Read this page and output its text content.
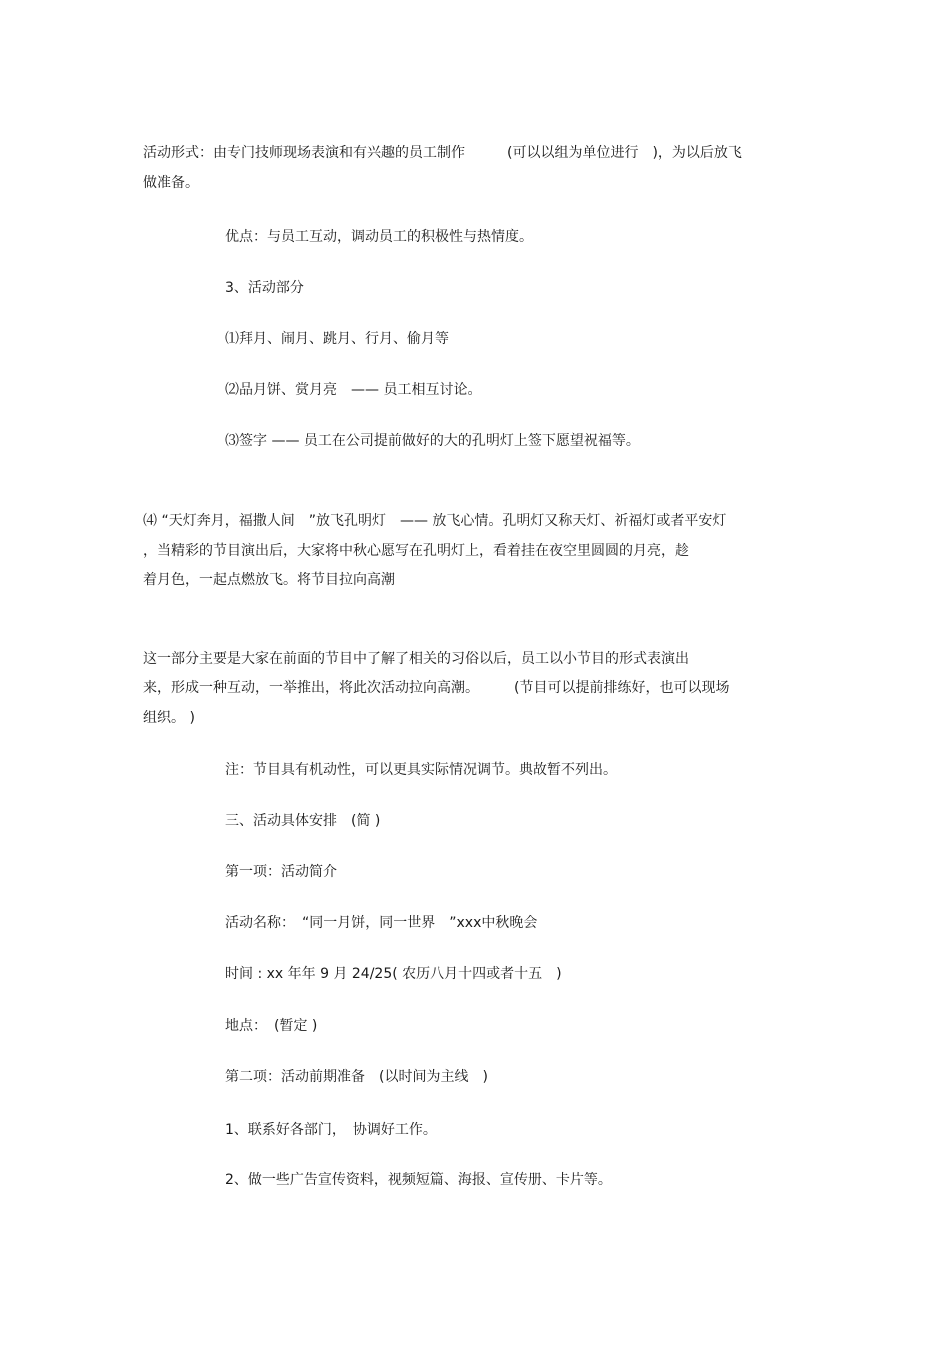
活动形式：由专门技师现场表演和有兴趣的员工制作　　　(可以以组为单位进行　)，为以后放飞

做准备。

优点：与员工互动，调动员工的积极性与热情度。

3、活动部分

⑴拜月、闹月、跳月、行月、偷月等

⑵品月饼、赏月亮　—— 员工相互讨论。

⑶签字 —— 员工在公司提前做好的大的孔明灯上签下愿望祝福等。

⑷ “天灯奔月，福撒人间　”放飞孔明灯　—— 放飞心情。孔明灯又称天灯、祈福灯或者平安灯

，当精彩的节目演出后，大家将中秋心愿写在孔明灯上，看着挂在夜空里圆圆的月亮，趁

着月色，一起点燃放飞。将节目拉向高潮

这一部分主要是大家在前面的节目中了解了相关的习俗以后，员工以小节目的形式表演出

来，形成一种互动，一举推出，将此次活动拉向高潮。　　　(节目可以提前排练好，也可以现场

组织。 )

注：节目具有机动性，可以更具实际情况调节。典故暂不列出。

三、活动具体安排　(简 )

第一项：活动简介

活动名称：　“同一月饼，同一世界　”xxx中秋晚会

时间 : xx 年年 9 月 24/25( 农历八月十四或者十五　)

地点：　(暂定 )

第二项：活动前期准备　(以时间为主线　)

1、联系好各部门，　协调好工作。

2、做一些广告宣传资料，视频短篇、海报、宣传册、卡片等。
